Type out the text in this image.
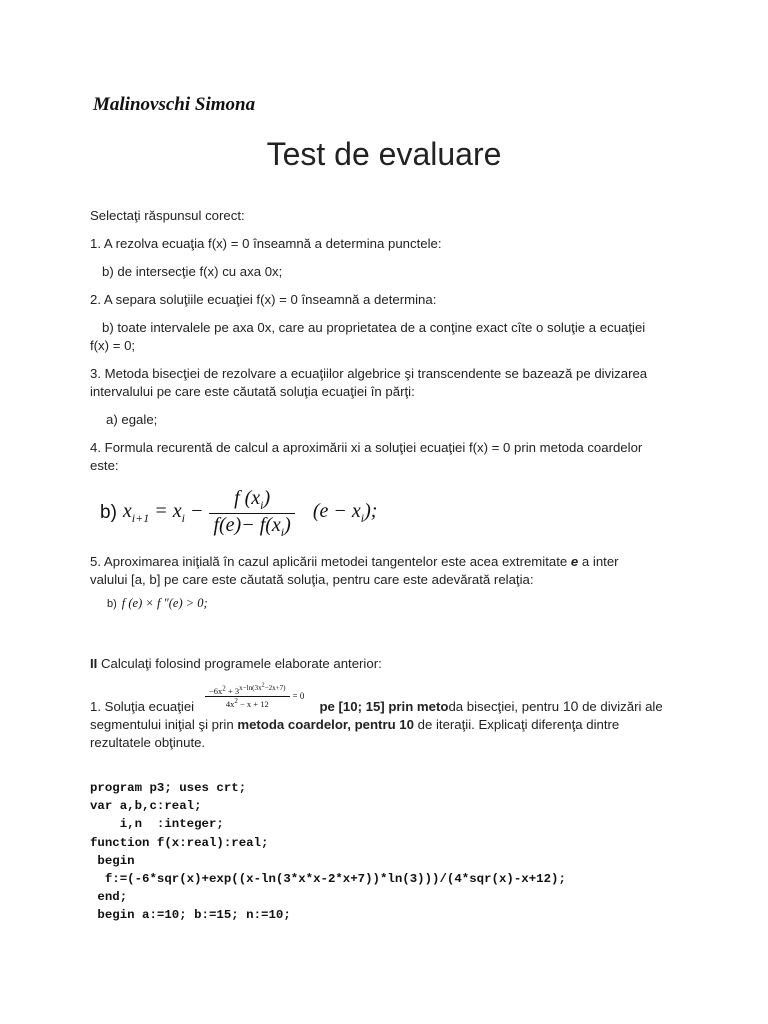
Malinovschi Simona
Test de evaluare
Selectaţi răspunsul corect:
1. A rezolva ecuaţia f(x) = 0 înseamnă a determina punctele:
b) de intersecţie f(x) cu axa 0x;
2. A separa soluţiile ecuaţiei f(x) = 0 înseamnă a determina:
b) toate intervalele pe axa 0x, care au proprietatea de a conţine exact cîte o soluţie a ecuaţiei
f(x) = 0;
3. Metoda bisecţiei de rezolvare a ecuaţiilor algebrice şi transcendente se bazează pe divizarea
intervalului pe care este căutată soluţia ecuaţiei în părţi:
a) egale;
4. Formula recurentă de calcul a aproximării xi a soluţiei ecuaţiei f(x) = 0 prin metoda coardelor
este:
b) $x_{i+1} = x_i - \frac{f (x_i)}{f(e)- f(x_i)} (e - x_i)$;
5. Aproximarea iniţială în cazul aplicării metodei tangentelor este acea extremitate e a inter
valului [a, b] pe care este căutată soluţia, pentru care este adevărată relaţia:
b) f (e) × f ″(e) > 0;
II Calculaţi folosind programele elaborate anterior:
$\frac{-6x^2 + 3^{x-ln(3x^2-2x+7)}}{4x^2 - x + 12} = 0$
1. Soluţia ecuaţiei	pe [10; 15] prin metoda bisecţiei, pentru 10 de divizări ale
segmentului iniţial şi prin metoda coardelor, pentru 10 de iteraţii. Explicaţi diferenţa dintre
rezultatele obţinute.
program p3; uses crt;
var a,b,c:real;
i,n  :integer;
function f(x:real):real;
begin
f:=(-6*sqr(x)+exp((x-ln(3*x*x-2*x+7))*ln(3)))/(4*sqr(x)-x+12);
end;
begin a:=10; b:=15; n:=10;
